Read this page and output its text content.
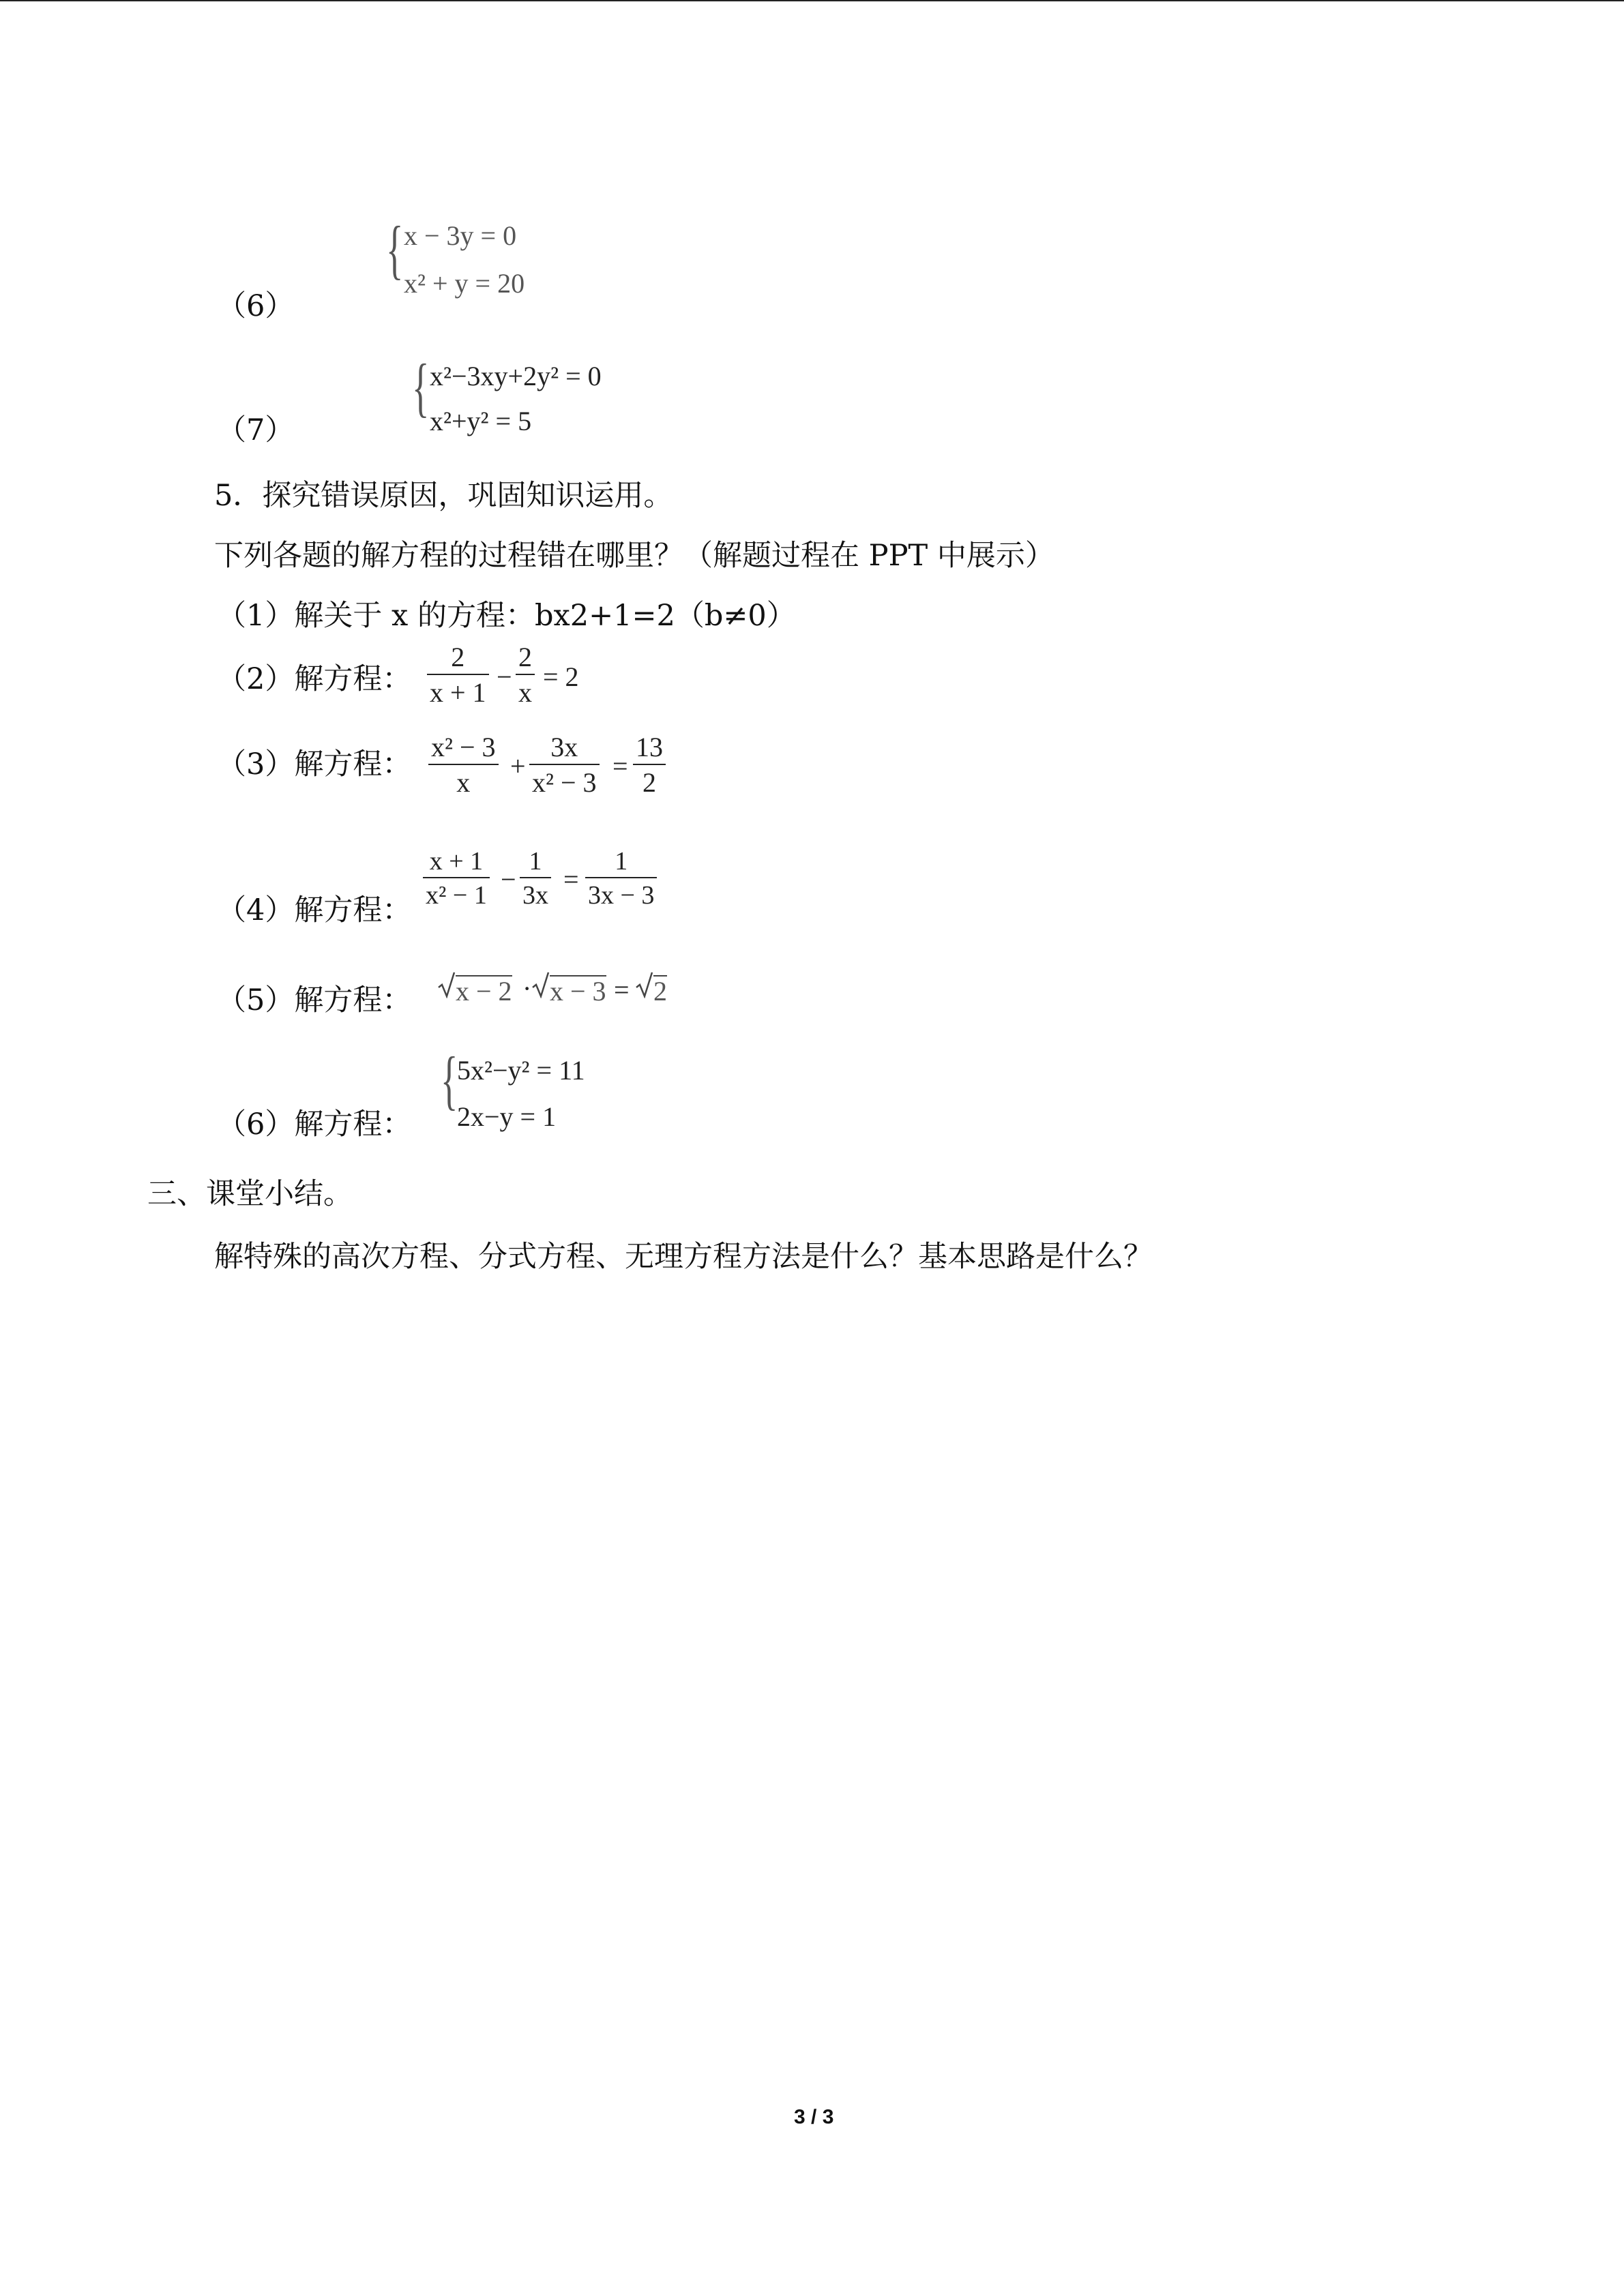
（6）
{ x − 3y = 0
x² + y = 20
（7）
{ x²−3xy+2y² = 0
x²+y² = 5
5．探究错误原因，巩固知识运用。
下列各题的解方程的过程错在哪里？（解题过程在 PPT 中展示）
（1）解关于 x 的方程：bx2+1=2（b≠0）
（2）解方程：
2
x + 1
−
2
x
= 2
（3）解方程：
x² − 3
x
+
3x
x² − 3
=
13
2
（4）解方程：
x + 1
x² − 1
−
1
3x
=
1
3x − 3
（5）解方程： x − 2 · x − 3 = 2
（6）解方程：
{
5x²−y² = 11
2x−y = 1
三、课堂小结。
解特殊的高次方程、分式方程、无理方程方法是什么？基本思路是什么？
3 / 3
